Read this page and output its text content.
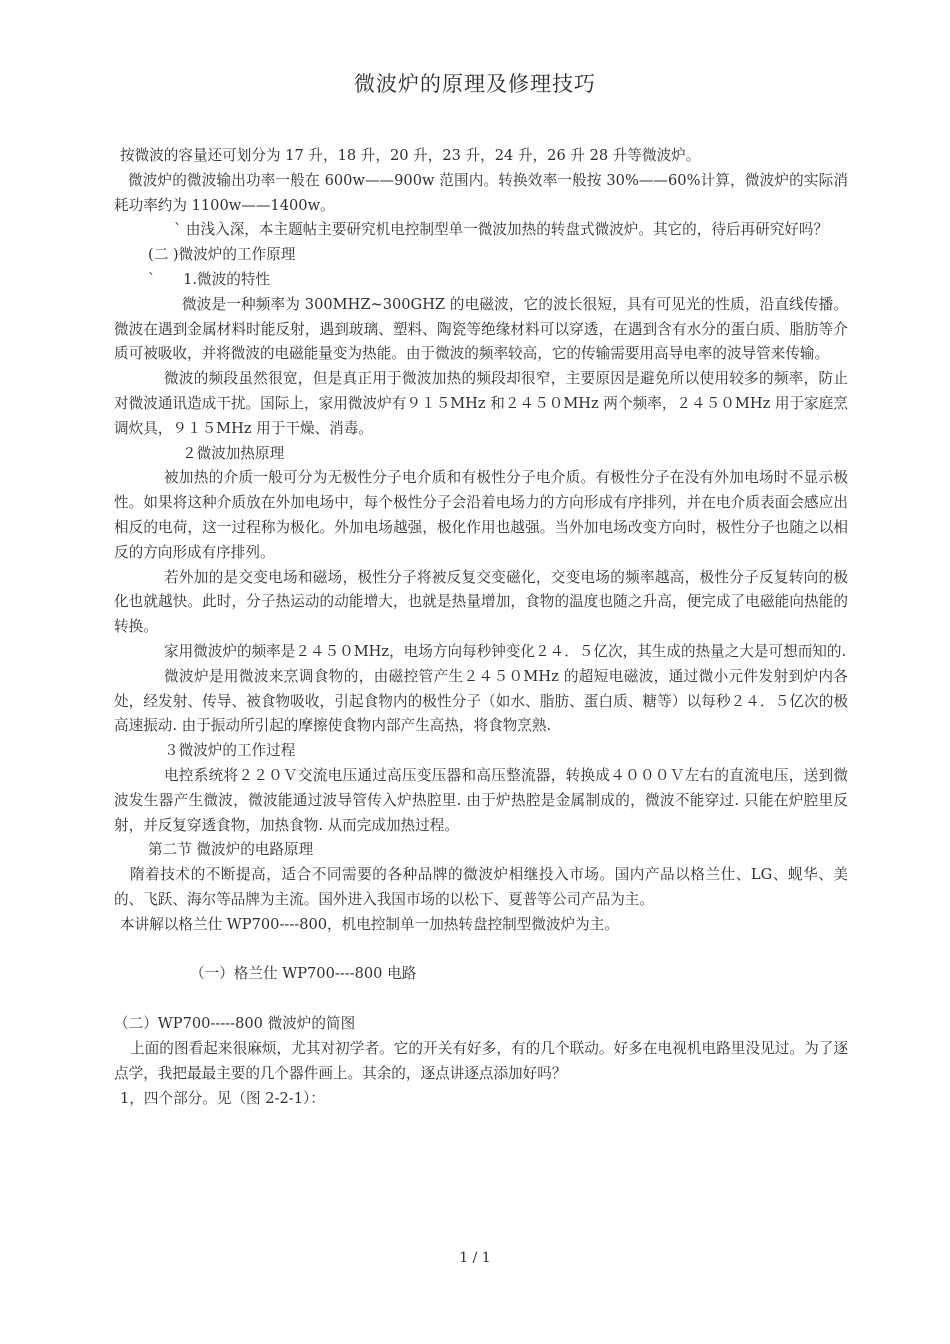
微波炉的原理及修理技巧

按微波的容量还可划分为 17 升，18 升，20 升，23 升，24 升，26 升 28 升等微波炉。

微波炉的微波输出功率一般在 600w——900w 范围内。转换效率一般按 30%——60%计算，微波炉的实际消耗功率约为 1100w——1400w。

` 由浅入深，本主题帖主要研究机电控制型单一微波加热的转盘式微波炉。其它的，待后再研究好吗？

(二 )微波炉的工作原理

`      1.微波的特性

微波是一种频率为 300MHZ~300GHZ 的电磁波，它的波长很短，具有可见光的性质，沿直线传播。微波在遇到金属材料时能反射，遇到玻璃、塑料、陶瓷等绝缘材料可以穿透，在遇到含有水分的蛋白质、脂肪等介质可被吸收，并将微波的电磁能量变为热能。由于微波的频率较高，它的传输需要用高导电率的波导管来传输。

微波的频段虽然很宽，但是真正用于微波加热的频段却很窄，主要原因是避免所以使用较多的频率，防止对微波通讯造成干扰。国际上，家用微波炉有９１５MHz 和２４５０MHz 两个频率，２４５０MHz 用于家庭烹调炊具，９１５MHz 用于干燥、消毒。

２微波加热原理

被加热的介质一般可分为无极性分子电介质和有极性分子电介质。有极性分子在没有外加电场时不显示极性。如果将这种介质放在外加电场中，每个极性分子会沿着电场力的方向形成有序排列，并在电介质表面会感应出相反的电荷，这一过程称为极化。外加电场越强，极化作用也越强。当外加电场改变方向时，极性分子也随之以相反的方向形成有序排列。

若外加的是交变电场和磁场，极性分子将被反复交变磁化，交变电场的频率越高，极性分子反复转向的极化也就越快。此时，分子热运动的动能增大，也就是热量增加，食物的温度也随之升高，便完成了电磁能向热能的转换。

家用微波炉的频率是２４５０MHz，电场方向每秒钟变化２４．５亿次，其生成的热量之大是可想而知的.

微波炉是用微波来烹调食物的，由磁控管产生２４５０MHz 的超短电磁波，通过微小元件发射到炉内各处，经发射、传导、被食物吸收，引起食物内的极性分子（如水、脂肪、蛋白质、糖等）以每秒２４．５亿次的极高速振动. 由于振动所引起的摩擦使食物内部产生高热，将食物烹熟.

３微波炉的工作过程

电控系统将２２０Ｖ交流电压通过高压变压器和高压整流器，转换成４０００Ｖ左右的直流电压，送到微波发生器产生微波，微波能通过波导管传入炉热腔里. 由于炉热腔是金属制成的，微波不能穿过. 只能在炉腔里反射，并反复穿透食物，加热食物. 从而完成加热过程。

第二节 微波炉的电路原理

隋着技术的不断提高，适合不同需要的各种品牌的微波炉相继投入市场。国内产品以格兰仕、LG、蚬华、美的、飞跃、海尔等品牌为主流。国外进入我国市场的以松下、夏普等公司产品为主。

本讲解以格兰仕 WP700----800，机电控制单一加热转盘控制型微波炉为主。

（一）格兰仕 WP700----800 电路

（二）WP700-----800 微波炉的简图

上面的图看起来很麻烦，尤其对初学者。它的开关有好多，有的几个联动。好多在电视机电路里没见过。为了逐点学，我把最最主要的几个器件画上。其余的，逐点讲逐点添加好吗？

1，四个部分。见（图 2-2-1）：

1 / 1
